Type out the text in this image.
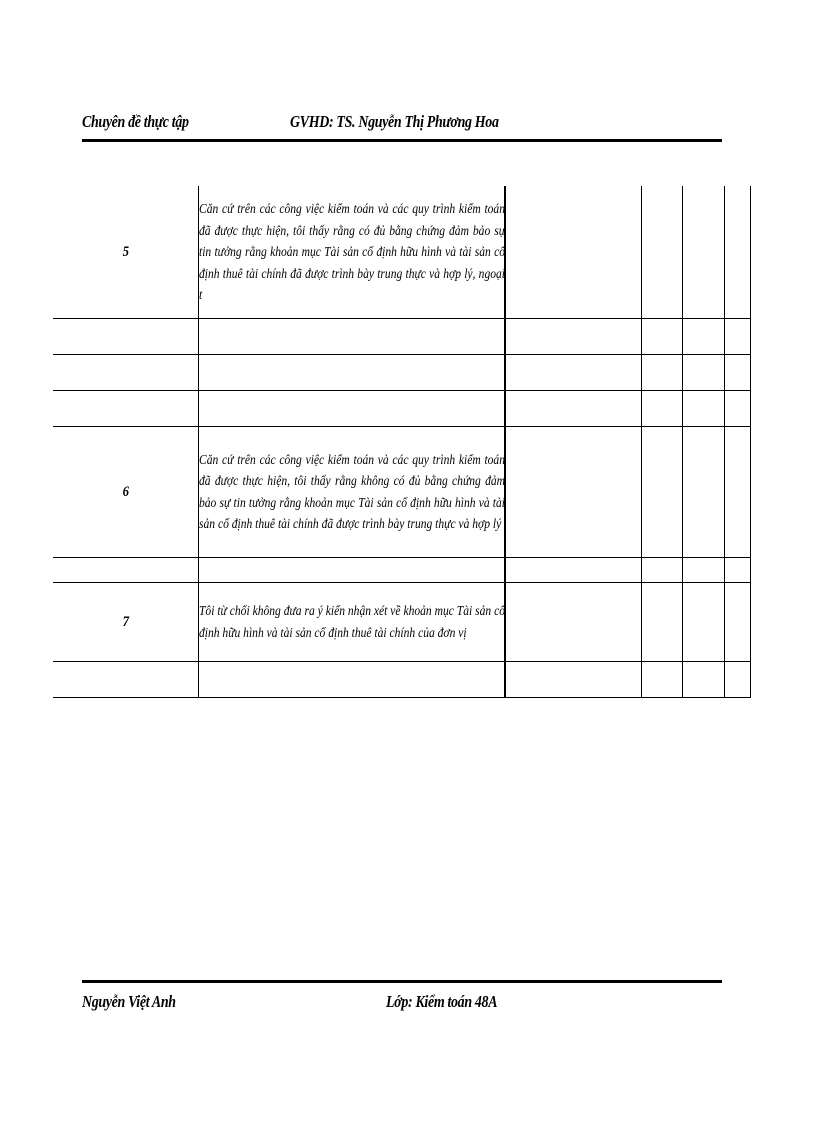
Chuyên đề thực tập	GVHD: TS. Nguyễn Thị Phương Hoa
5	Căn cứ trên các công việc kiểm toán và các quy trình kiểm toán đã được thực hiện, tôi thấy rằng có đủ bằng chứng đảm bảo sự tin tưởng rằng khoản mục Tài sản cố định hữu hình và tài sản cố định thuê tài chính đã được trình bày trung thực và hợp lý, ngoại t				

6	Căn cứ trên các công việc kiểm toán và các quy trình kiểm toán đã được thực hiện, tôi thấy rằng không có đủ bằng chứng đảm bảo sự tin tưởng rằng khoản mục Tài sản cố định hữu hình và tài sản cố định thuê tài chính đã được trình bày trung thực và hợp lý				

7	Tôi từ chối không đưa ra ý kiến nhận xét về khoản mục Tài sản cố định hữu hình và tài sản cố định thuê tài chính của đơn vị				

Nguyễn Việt Anh	Lớp: Kiểm toán 48A
